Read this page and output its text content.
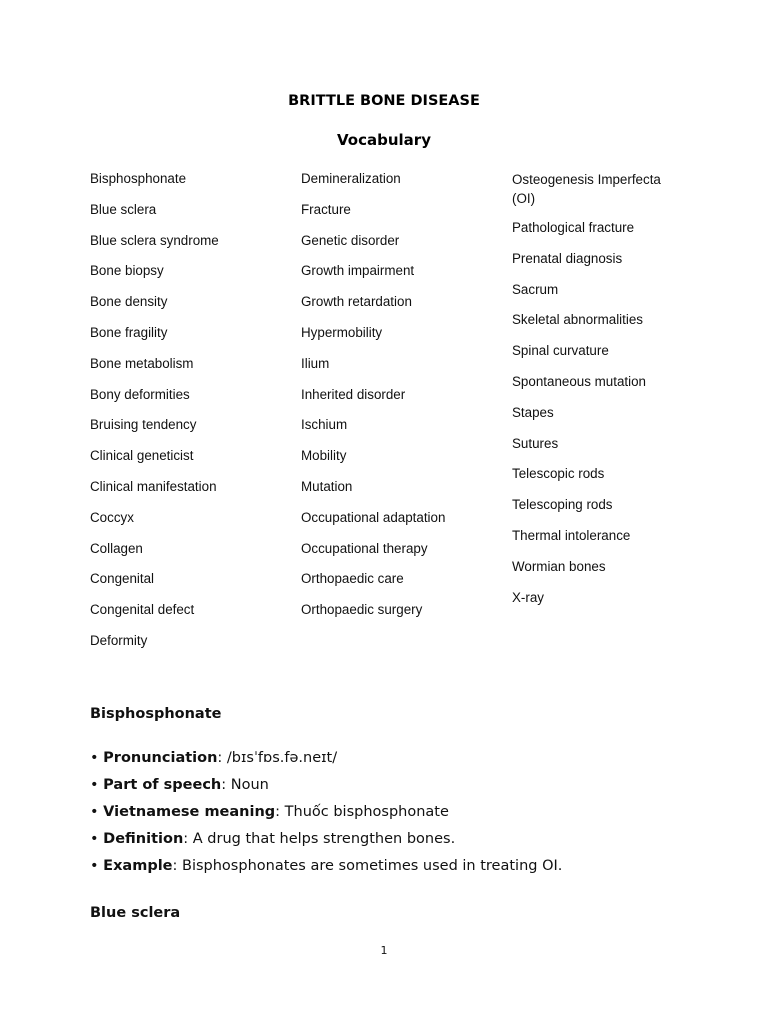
BRITTLE BONE DISEASE
Vocabulary
Bisphosphonate
Blue sclera
Blue sclera syndrome
Bone biopsy
Bone density
Bone fragility
Bone metabolism
Bony deformities
Bruising tendency
Clinical geneticist
Clinical manifestation
Coccyx
Collagen
Congenital
Congenital defect
Deformity
Demineralization
Fracture
Genetic disorder
Growth impairment
Growth retardation
Hypermobility
Ilium
Inherited disorder
Ischium
Mobility
Mutation
Occupational adaptation
Occupational therapy
Orthopaedic care
Orthopaedic surgery
Osteogenesis Imperfecta (OI)
Pathological fracture
Prenatal diagnosis
Sacrum
Skeletal abnormalities
Spinal curvature
Spontaneous mutation
Stapes
Sutures
Telescopic rods
Telescoping rods
Thermal intolerance
Wormian bones
X-ray
Bisphosphonate
• Pronunciation: /bɪsˈfɒs.fə.neɪt/
• Part of speech: Noun
• Vietnamese meaning: Thuốc bisphosphonate
• Definition: A drug that helps strengthen bones.
• Example: Bisphosphonates are sometimes used in treating OI.
Blue sclera
1
